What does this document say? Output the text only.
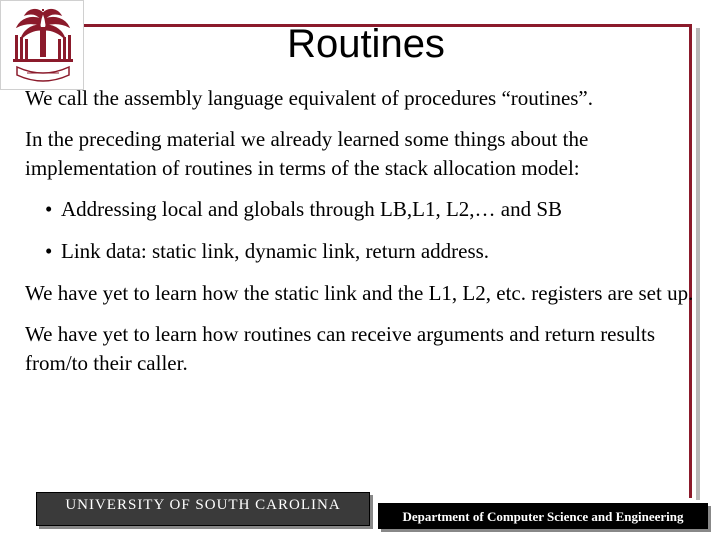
Routines

We call the assembly language equivalent of procedures “routines”.

In the preceding material we already learned some things about the implementation of routines in terms of the stack allocation model:

• Addressing local and globals through LB,L1, L2,… and SB
• Link data: static link, dynamic link, return address.

We have yet to learn how the static link and the L1, L2, etc. registers are set up.

We have yet to learn how routines can receive arguments and return results from/to their caller.

UNIVERSITY OF SOUTH CAROLINA
Department of Computer Science and Engineering
